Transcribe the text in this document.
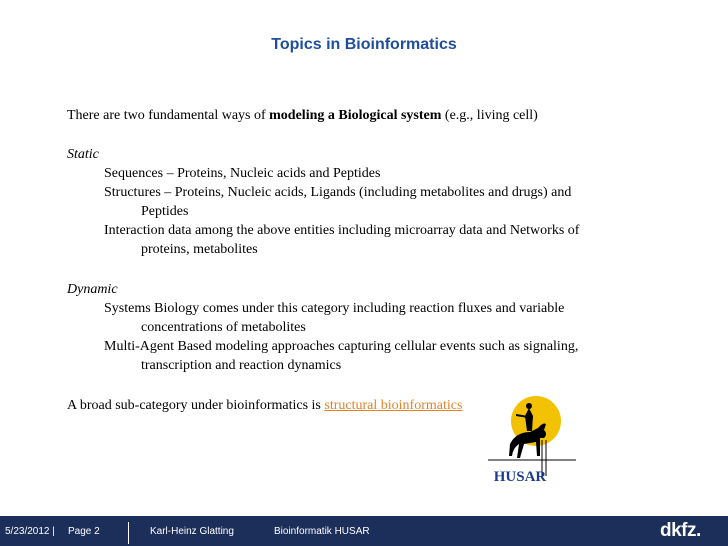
Topics in Bioinformatics
There are two fundamental ways of modeling a Biological system (e.g., living cell)
Static
Sequences – Proteins, Nucleic acids and Peptides
Structures – Proteins, Nucleic acids, Ligands (including metabolites and drugs) and
Peptides
Interaction data among the above entities including microarray data and Networks of
proteins, metabolites
Dynamic
Systems Biology comes under this category including reaction fluxes and variable
concentrations of metabolites
Multi-Agent Based modeling approaches capturing cellular events such as signaling,
transcription and reaction dynamics
A broad sub-category under bioinformatics is structural bioinformatics
HUSAR
5/23/2012 | Page 2	Karl-Heinz Glatting	Bioinformatik HUSAR	dkfz.
